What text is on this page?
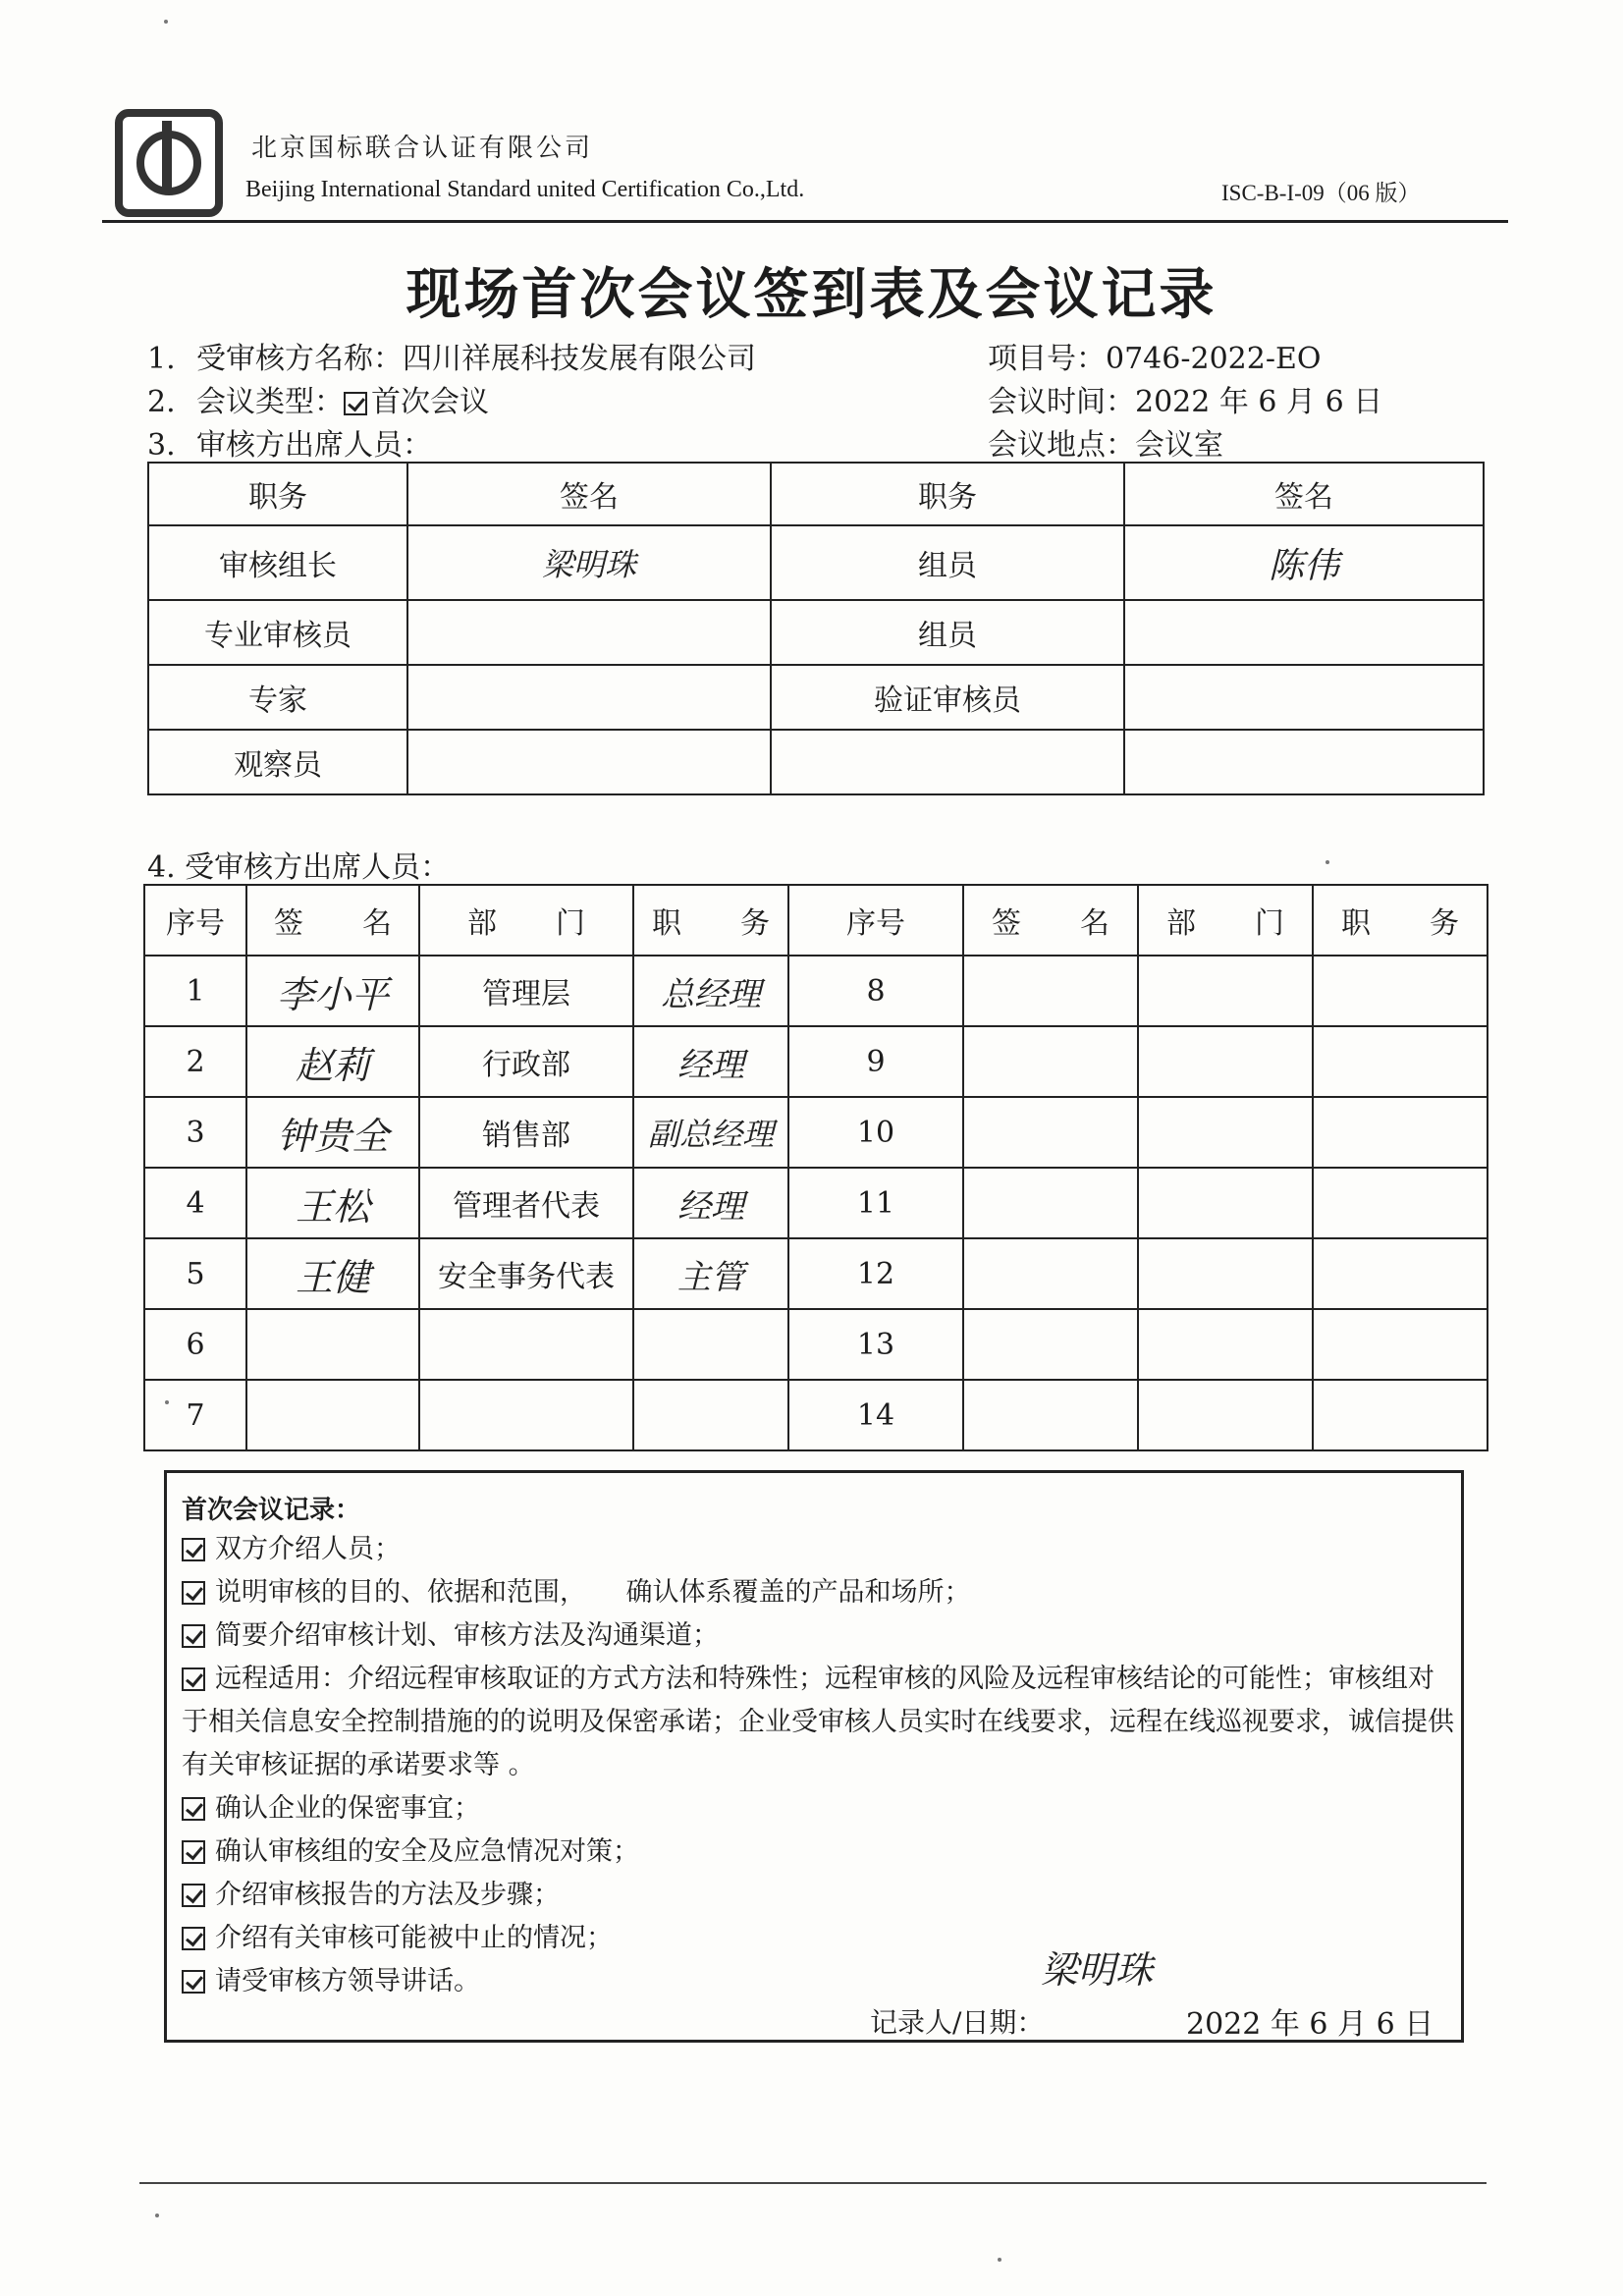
北京国标联合认证有限公司
Beijing International Standard united Certification Co.,Ltd.	ISC-B-I-09（06 版）
现场首次会议签到表及会议记录
1. 受审核方名称：四川祥展科技发展有限公司	项目号：0746-2022-EO
2. 会议类型： 首次会议	会议时间：2022 年 6 月 6 日
3. 审核方出席人员：	会议地点：会议室
职务	签名	职务	签名
审核组长	梁明珠	组员	陈伟
专业审核员		组员	
专家		验证审核员	
观察员			
4. 受审核方出席人员：
序号	签　　名	部　　门	职　　务	序号	签　　名	部　　门	职　　务
1	李小平	管理层	总经理	8			
2	赵莉	行政部	经理	9			
3	钟贵全	销售部	副总经理	10			
4	王松	管理者代表	经理	11			
5	王健	安全事务代表	主管	12			
6				13			
7				14			
首次会议记录：
双方介绍人员；
说明审核的目的、依据和范围，　　确认体系覆盖的产品和场所；
简要介绍审核计划、审核方法及沟通渠道；
远程适用：介绍远程审核取证的方式方法和特殊性；远程审核的风险及远程审核结论的可能性；审核组对于相关信息安全控制措施的的说明及保密承诺；企业受审核人员实时在线要求，远程在线巡视要求，诚信提供有关审核证据的承诺要求等 。
确认企业的保密事宜；
确认审核组的安全及应急情况对策；
介绍审核报告的方法及步骤；
介绍有关审核可能被中止的情况；
请受审核方领导讲话。	梁明珠
记录人/日期：	2022 年 6 月 6 日
